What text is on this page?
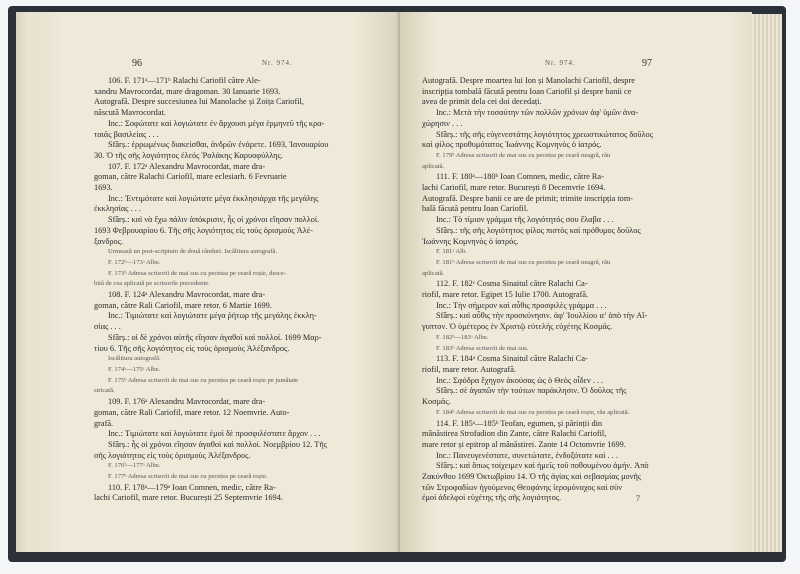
96	Nr. 974.

106. F. 171ᵃ—171ᵇ Ralachi Cariofil către Ale-

xandru Mavrocordat, mare dragoman. 30 Ianuarie 1693.

Autografă. Despre succesiunea lui Manolache și Zoița Cariofil,

născută Mavrocordat.

Inc.: Σοφώτατε καὶ λογιώτατε ἐν ἄρχουσι μέγα ἑρμηνεῦ τῆς κρα-

ταιᾶς βασιλείας . . .

Sfârș.: ἐρρωμένως διακείσθαι, ἀνδρῶν ἐνάρετε. 1693, Ἰανουαρίου

30. Ὁ τῆς σῆς λογιότητος ἐλεός Ῥαλάκης Καρυοφύλλης.

107. F. 172ᵃ Alexandru Mavrocordat, mare dra-

goman, către Ralachi Cariofil, mare eclesiarh. 6 Fevruarie

1693.

Inc.: Ἐντιμότατε καὶ λογιώτατε μέγα ἐκκλησιάρχα τῆς μεγάλης

ἐκκλησίας . . .

Sfârș.: καὶ νὰ ἔχω πάλιν ἀπόκρισιν, ἧς οἱ χρόνοι εἴησαν πολλοί.

1693 Φεβρουαρίου 6. Τῆς σῆς λογιότητος εἰς τοὺς ὁρισμοὺς Ἀλέ-

ξανδρος.

Urmează un post-scriptum de două rânduri. Iscălitura autografă.

F. 172ᵇ—173ᵃ Albe.

F. 173ᵇ Adresa scrisorii de mai sus cu pecetea pe ceară roșie, desce-

bită de cea aplicată pe scrisorile precedente.

108. F. 124ᵃ Alexandru Mavrocordat, mare dra-

goman, către Rali Cariofil, mare retor. 6 Martie 1699.

Inc.: Τιμιώτατε καὶ λογιώτατε μέγα ῥήτωρ τῆς μεγάλης ἐκκλη-

σίας . . .

Sfârș.: οἱ δὲ χρόνοι αὐτῆς εἴησαν ἀγαθοὶ καὶ πολλοί. 1699 Μαρ-

τίου 6. Τῆς σῆς λογιότητος εἰς τοὺς ὁρισμοὺς Ἀλέξανδρος.

Iscălitura autografă.

F. 174ᵃ—175ᵃ Albe.

F. 175ᵇ Adresa scrisorii de mai sus cu pecetea pe ceară roșie pe jumătate

stricată.

109. F. 176ᵃ Alexandru Mavrocordat, mare dra-

goman, către Rali Cariofil, mare retor. 12 Noemvrie. Auto-

grafă.

Inc.: Τιμιώτατε καὶ λογιώτατε ἐμοὶ δὲ προσφιλέστατε ἄρχον . . .

Sfârș.: ἧς οἱ χρόνοι εἴησαν ἀγαθοὶ καὶ πολλοί. Νοεμβρίου 12. Τῆς

σῆς λογιότητος εἰς τοὺς ὁρισμοὺς Ἀλέξανδρος.

F. 176ᵇ—177ᵃ Albe.

F. 177ᵇ Adresa scrisorii de mai sus cu pecetea pe ceară roșie.

110. F. 178ᵃ—179ᵃ Ioan Comnen, medic, către Ra-

lachi Cariofil, mare retor. București 25 Septemvrie 1694.

Nr. 974.	97

Autografă. Despre moartea lui Ion și Manolachi Cariofil, despre

inscripția tombală făcută pentru Ioan Cariofil și despre banii ce

avea de primit dela cei doi decedați.

Inc.: Μετὰ τὴν τοσαύτην τῶν πολλῶν χρόνων ἀφ' ὑμῶν ἀνα-

χώρησιν . . .

Sfârș.: τῆς σῆς εὐγενεστάτης λογιότητος χρεωστικώτατος δοῦλος

καὶ φίλος προθυμότατος Ἰωάννης Κομνηνὸς ὁ ἰατρός.

F. 179ᵇ Adresa scrisorii de mai sus cu pecetea pe ceară neagră, rău

aplicată.

111. F. 180ᵃ—180ᵇ Ioan Comnen, medic, către Ra-

lachi Cariofil, mare retor. București 8 Decemvrie 1694.

Autografă. Despre banii ce are de primit; trimite inscripția tom-

bală făcută pentru Ioan Cariofil.

Inc.: Τὸ τίμιον γράμμα τῆς λογιότητός σου ἔλαβα . . .

Sfârș.: τῆς σῆς λογιότητος φίλος πιστὸς καὶ πρόθυμος δοῦλος

Ἰωάννης Κομνηνὸς ὁ ἰατρός.

F. 181ᵃ Alb.

F. 181ᵇ Adresa scrisorii de mai sus cu pecetea pe ceară neagră, rău

aplicată.

112. F. 182ᶜ Cosma Sinaitul către Ralachi Ca-

riofil, mare retor. Egipet 15 Iulie 1700. Autografă.

Inc.: Τὴν σήμερον καὶ αὖθις προσφιλὲς γράμμα . . .

Sfârș.: καὶ αὖθις τὴν προσκύνησιν. ἀφ' Ἰουλλίου ιε' ἀπὸ τὴν Αἴ-

γυπτον. Ὁ ὑμέτερος ἐν Χριστῷ εὐτελὴς εὐχέτης Κοσμᾶς.

F. 182ᵇ—183ᵃ Albe.

F. 183ᵇ Adresa scrisorii de mai sus.

113. F. 184ᵃ Cosma Sinaitul către Ralachi Ca-

riofil, mare retor. Autografă.

Inc.: Σφόδρα ἔχηγον ἀκούσας ὡς ὁ Θεὸς οἶδεν . . .

Sfârș.: σὲ ἀγαπῶν τὴν τούτων παράκλησιν. Ὁ δοῦλος τῆς

Κοσμᾶς.

F. 184ᵇ Adresa scrisorii de mai sus cu pecetea pe ceară roșie, rău aplicată.

114. F. 185ᵃ—185ᵇ Teofan, egumen, și părinții din

mânăstirea Strofadion din Zante, către Ralachi Cariofil,

mare retor și epitrop al mânăstirei. Zante 14 Octomvrie 1699.

Inc.: Πανευγενέστατε, συνετώτατε, ἐνδοξότατε καὶ . . .

Sfârș.: καὶ ὅπως τοίχειμεν καὶ ἡμεῖς τοῦ ποθουμένου ἀμήν. Ἀπὸ

Ζακύνθου 1699 Ὀκτωβρίου 14. Ὁ τῆς ἁγίας καὶ σεβασμίας μονῆς

τῶν Στροφαδίων ἡγούμενος Θεοφάνης ἱερομόναχος καὶ σὺν

ἐμοὶ ἀδελφοὶ εὐχέτης τῆς σῆς λογιότητος.	7
